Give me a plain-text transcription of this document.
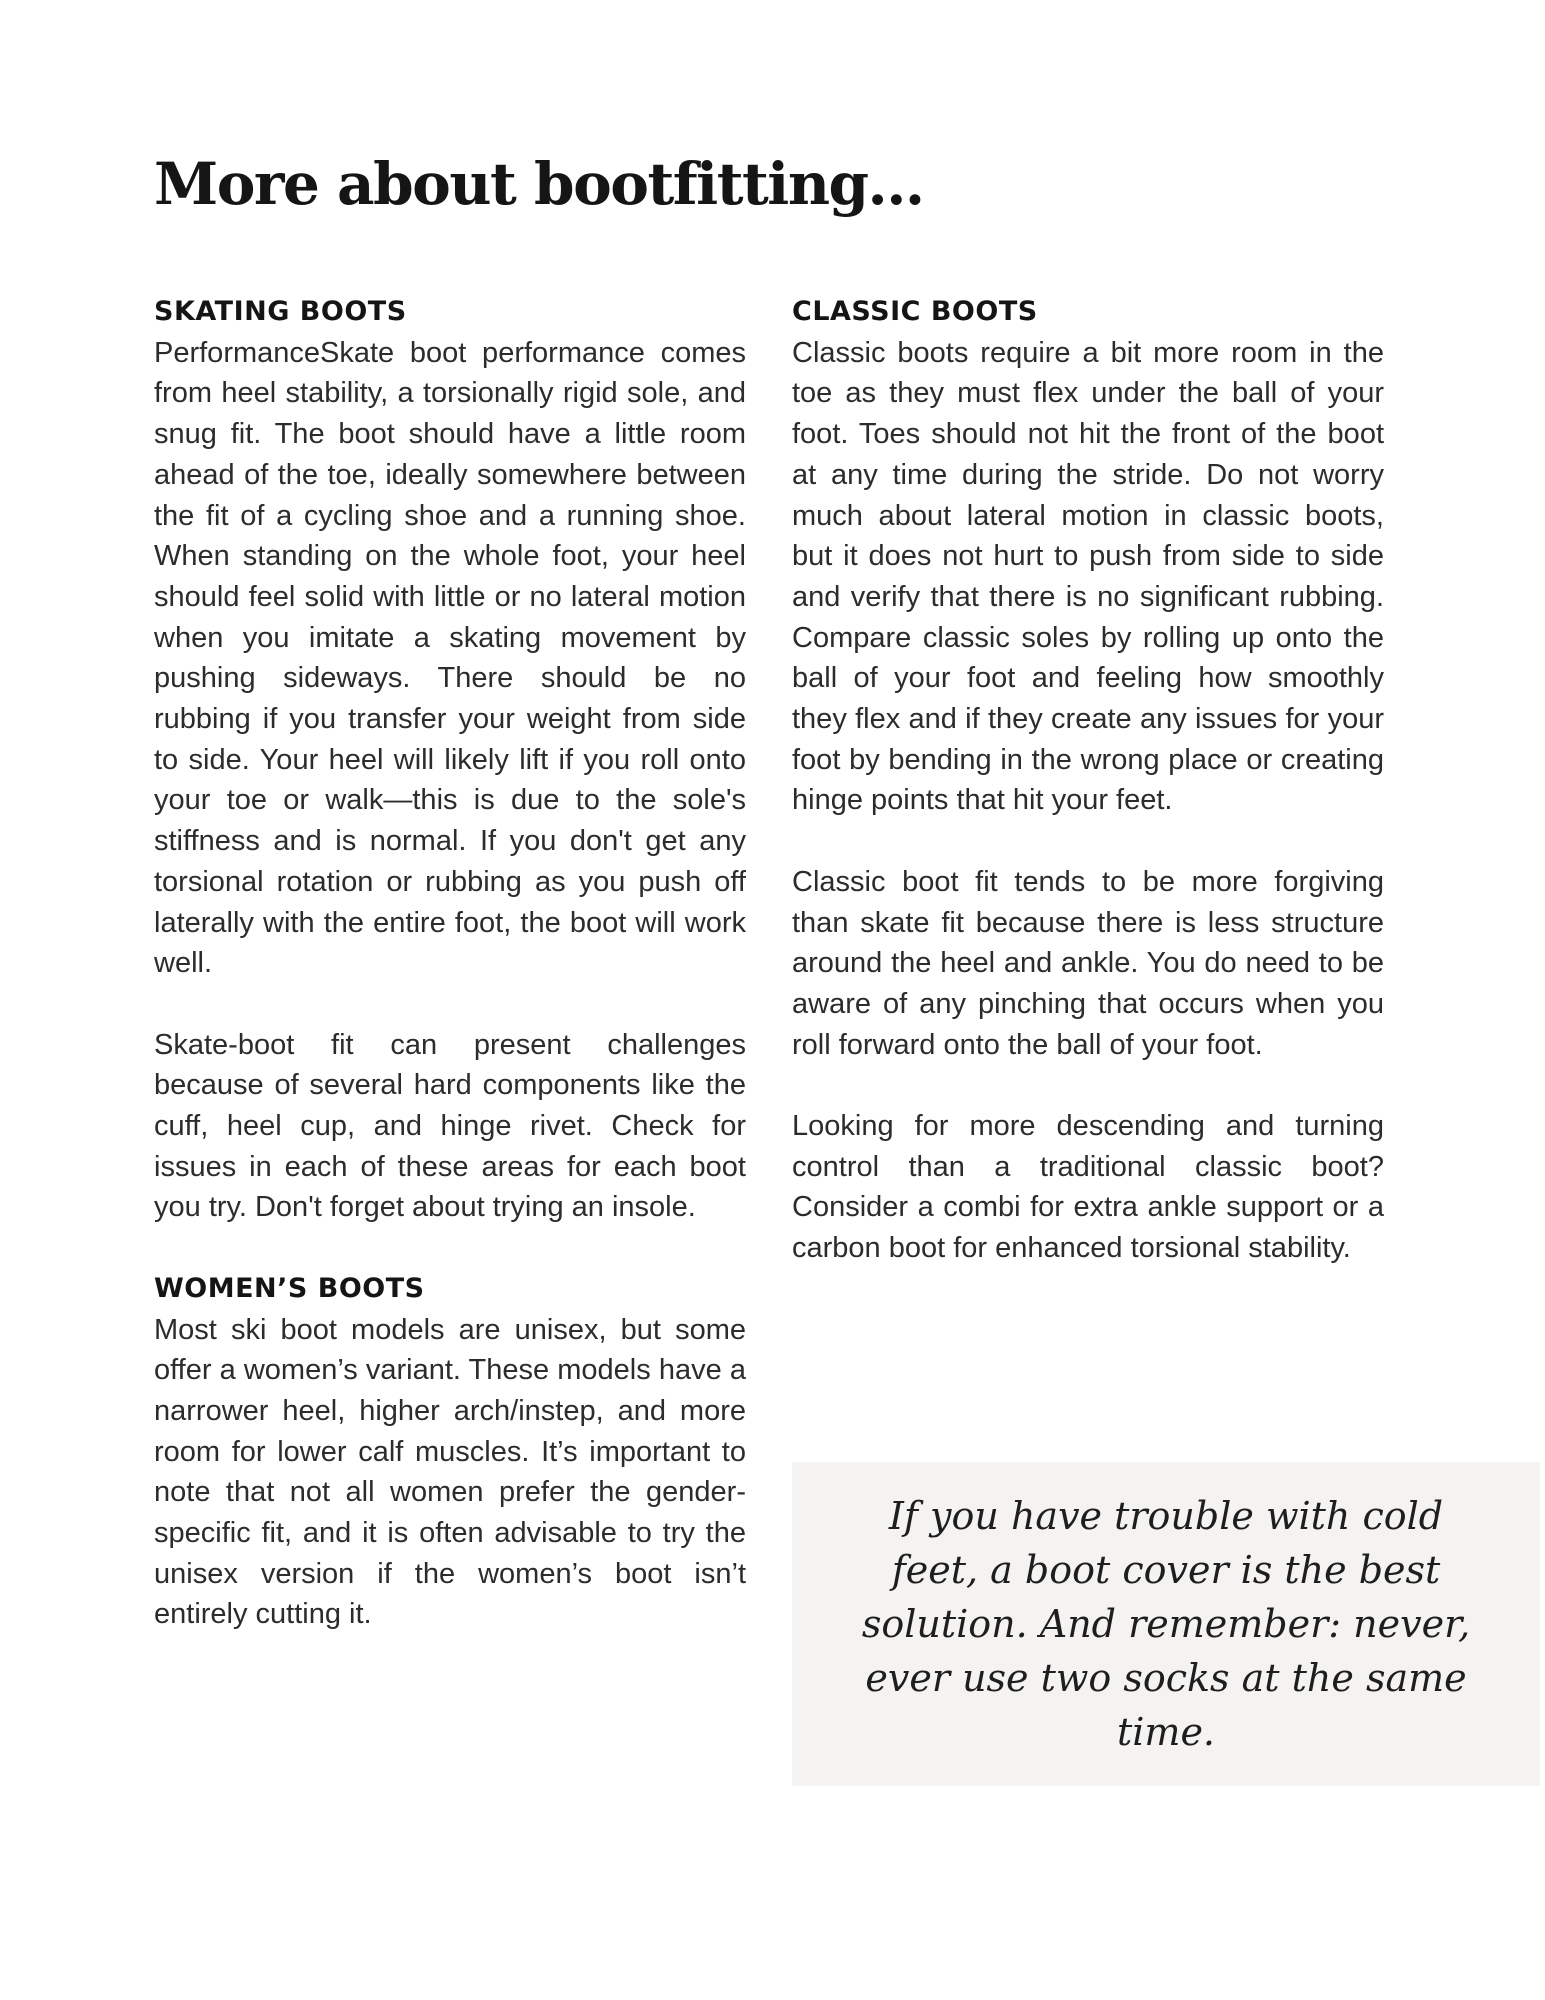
More about bootfitting...
SKATING BOOTS

PerformanceSkate boot performance comes from heel stability, a torsionally rigid sole, and snug fit. The boot should have a little room ahead of the toe, ideally somewhere between the fit of a cycling shoe and a running shoe. When standing on the whole foot, your heel should feel solid with little or no lateral motion when you imitate a skating movement by pushing sideways. There should be no rubbing if you transfer your weight from side to side. Your heel will likely lift if you roll onto your toe or walk—this is due to the sole's stiffness and is normal. If you don't get any torsional rotation or rubbing as you push off laterally with the entire foot, the boot will work well.

Skate-boot fit can present challenges because of several hard components like the cuff, heel cup, and hinge rivet. Check for issues in each of these areas for each boot you try. Don't forget about trying an insole.

WOMEN’S BOOTS

Most ski boot models are unisex, but some offer a women’s variant. These models have a narrower heel, higher arch/instep, and more room for lower calf muscles. It’s important to note that not all women prefer the gender-specific fit, and it is often advisable to try the unisex version if the women’s boot isn’t entirely cutting it.

CLASSIC BOOTS

Classic boots require a bit more room in the toe as they must flex under the ball of your foot. Toes should not hit the front of the boot at any time during the stride. Do not worry much about lateral motion in classic boots, but it does not hurt to push from side to side and verify that there is no significant rubbing. Compare classic soles by rolling up onto the ball of your foot and feeling how smoothly they flex and if they create any issues for your foot by bending in the wrong place or creating hinge points that hit your feet.

Classic boot fit tends to be more forgiving than skate fit because there is less structure around the heel and ankle. You do need to be aware of any pinching that occurs when you roll forward onto the ball of your foot.

Looking for more descending and turning control than a traditional classic boot? Consider a combi for extra ankle support or a carbon boot for enhanced torsional stability.

If you have trouble with cold feet, a boot cover is the best solution. And remember: never, ever use two socks at the same time.
